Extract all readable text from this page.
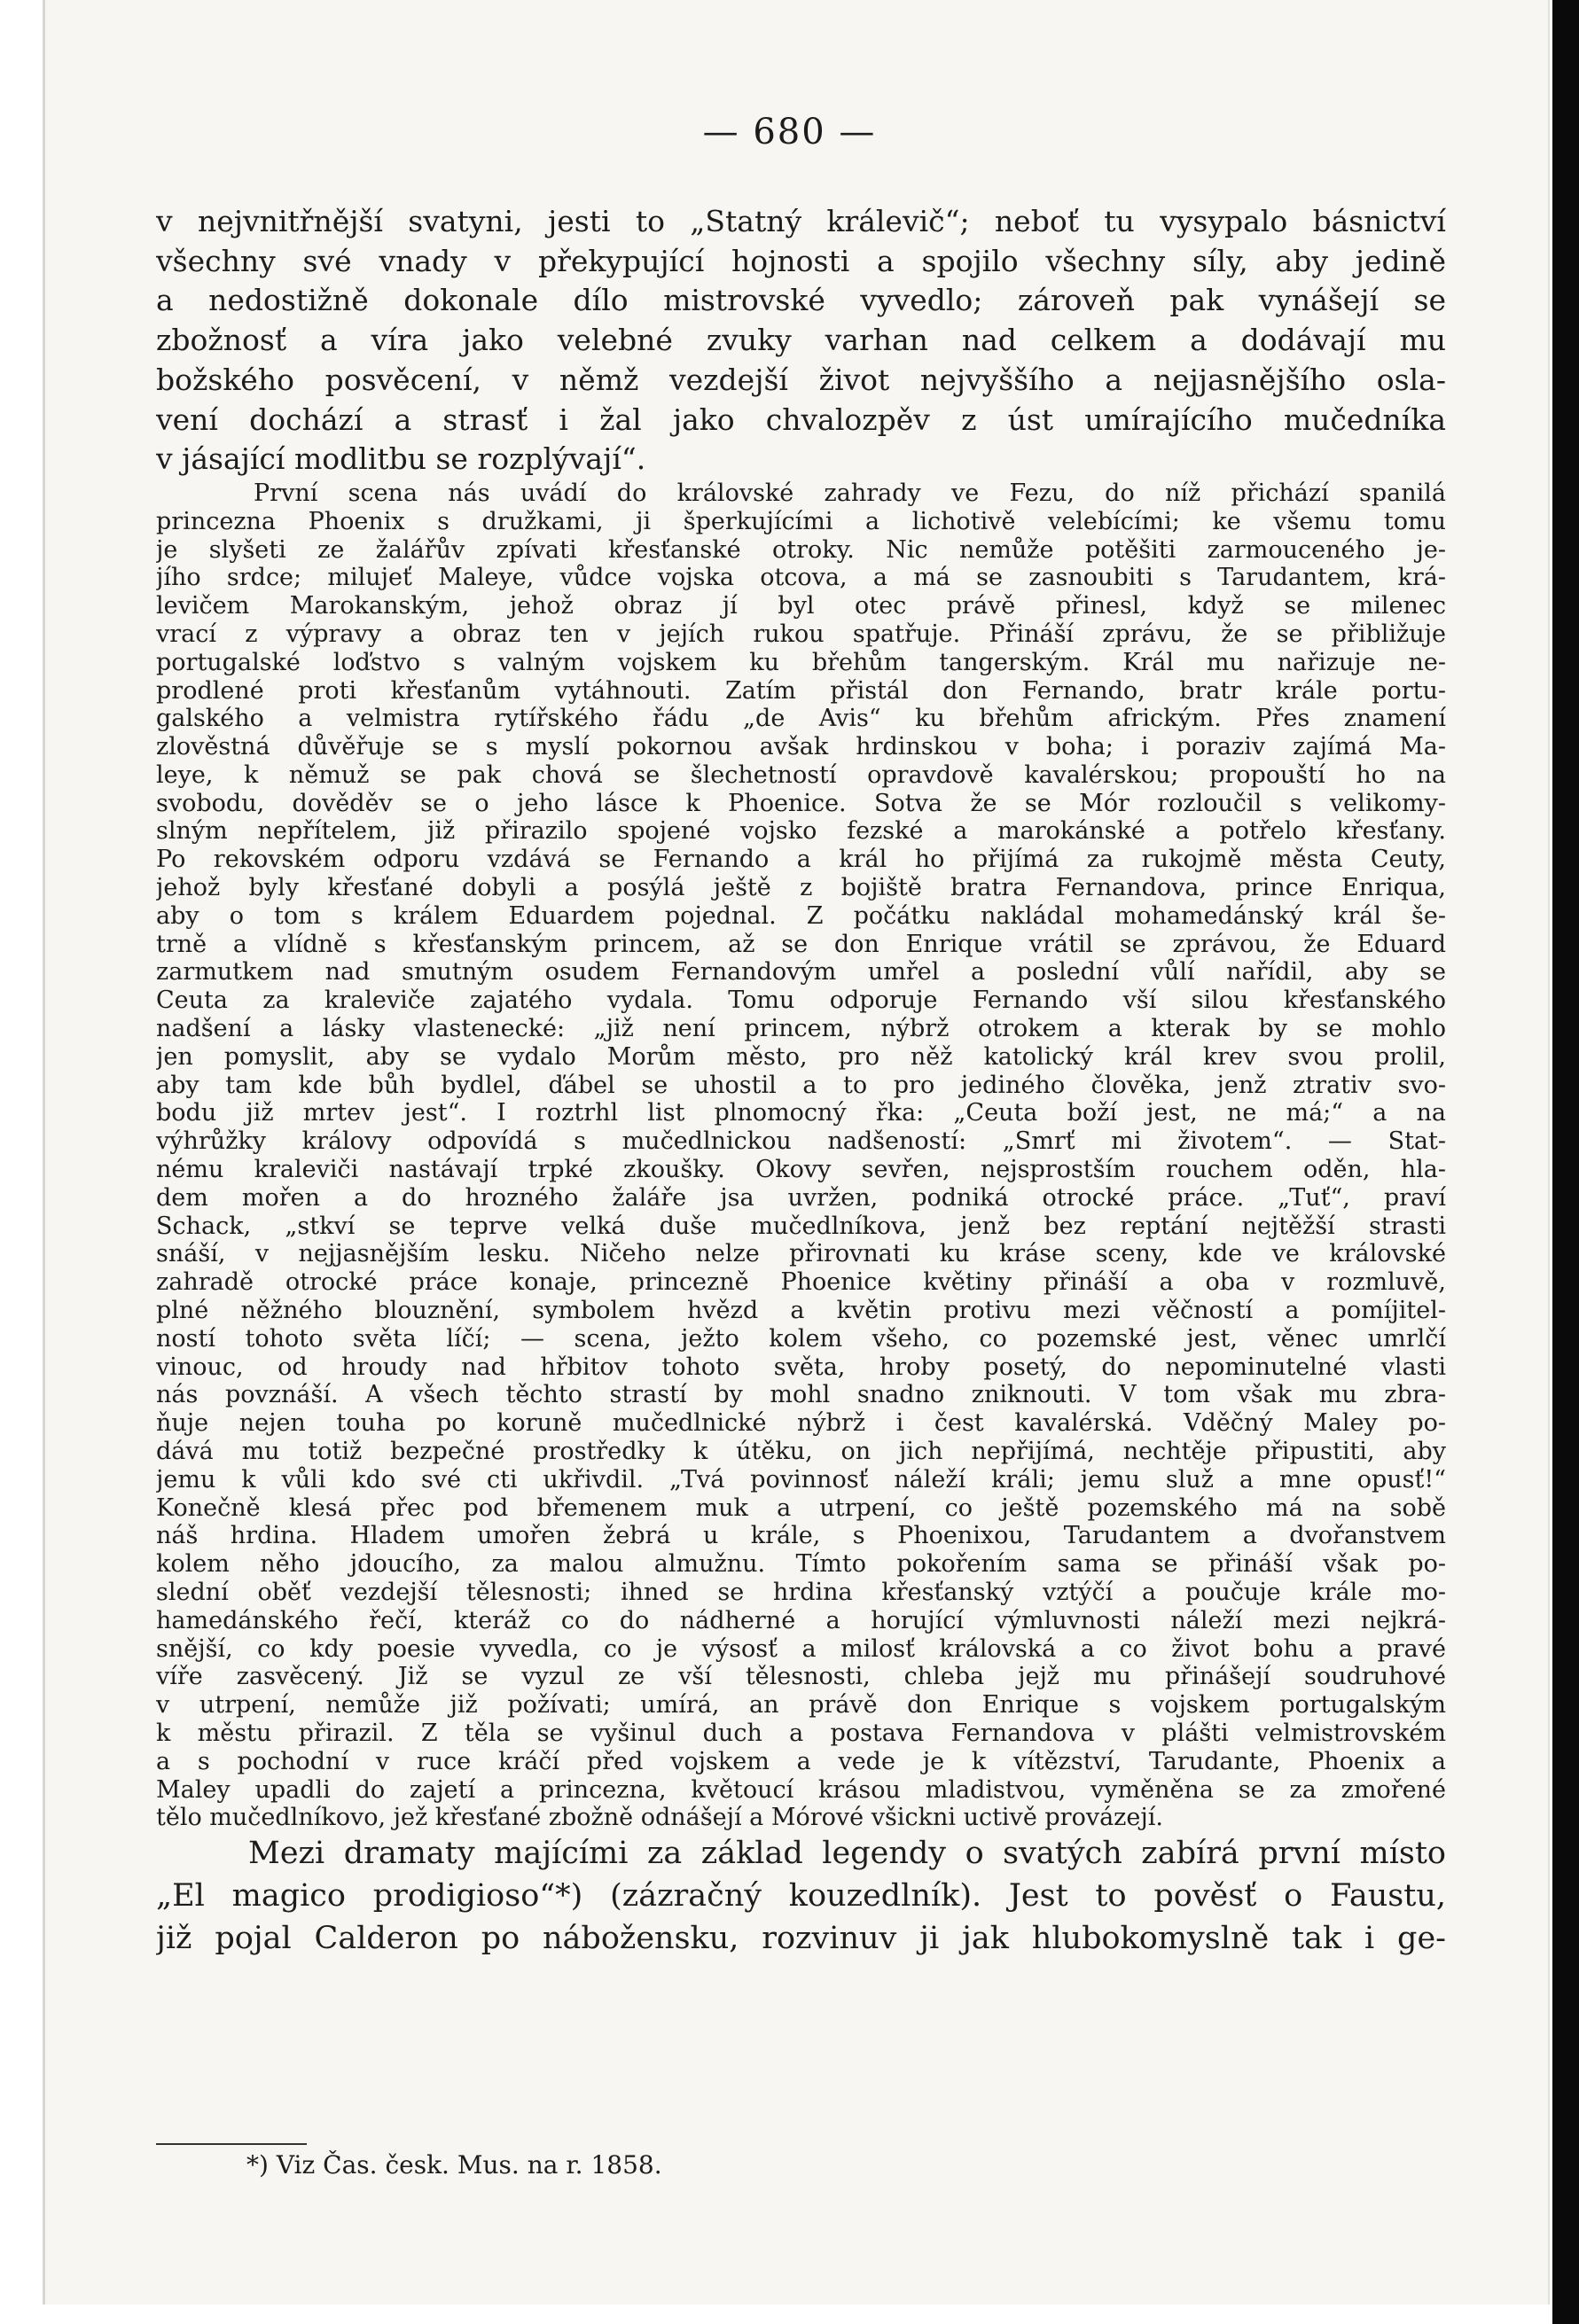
— 680 —
v nejvnitřnější svatyni, jesti to „Statný králevič“; neboť tu vysypalo básnictví
všechny své vnady v překypující hojnosti a spojilo všechny síly, aby jedině
a nedostižně dokonale dílo mistrovské vyvedlo; zároveň pak vynášejí se
zbožnosť a víra jako velebné zvuky varhan nad celkem a dodávají mu
božského posvěcení, v němž vezdejší život nejvyššího a nejjasnějšího osla-
vení dochází a strasť i žal jako chvalozpěv z úst umírajícího mučedníka
v jásající modlitbu se rozplývají“.
První scena nás uvádí do královské zahrady ve Fezu, do níž přichází spanilá
princezna Phoenix s družkami, ji šperkujícími a lichotivě velebícími; ke všemu tomu
je slyšeti ze žalářův zpívati křesťanské otroky. Nic nemůže potěšiti zarmouceného je-
jího srdce; milujeť Maleye, vůdce vojska otcova, a má se zasnoubiti s Tarudantem, krá-
levičem Marokanským, jehož obraz jí byl otec právě přinesl, když se milenec
vrací z výpravy a obraz ten v jejích rukou spatřuje. Přináší zprávu, že se přibližuje
portugalské loďstvo s valným vojskem ku břehům tangerským. Král mu nařizuje ne-
prodlené proti křesťanům vytáhnouti. Zatím přistál don Fernando, bratr krále portu-
galského a velmistra rytířského řádu „de Avis“ ku břehům africkým. Přes znamení
zlověstná důvěřuje se s myslí pokornou avšak hrdinskou v boha; i poraziv zajímá Ma-
leye, k němuž se pak chová se šlechetností opravdově kavalérskou; propouští ho na
svobodu, dověděv se o jeho lásce k Phoenice. Sotva že se Mór rozloučil s velikomy-
slným nepřítelem, již přirazilo spojené vojsko fezské a marokánské a potřelo křesťany.
Po rekovském odporu vzdává se Fernando a král ho přijímá za rukojmě města Ceuty,
jehož byly křesťané dobyli a posýlá ještě z bojiště bratra Fernandova, prince Enriqua,
aby o tom s králem Eduardem pojednal. Z počátku nakládal mohamedánský král še-
trně a vlídně s křesťanským princem, až se don Enrique vrátil se zprávou, že Eduard
zarmutkem nad smutným osudem Fernandovým umřel a poslední vůlí nařídil, aby se
Ceuta za kraleviče zajatého vydala. Tomu odporuje Fernando vší silou křesťanského
nadšení a lásky vlastenecké: „již není princem, nýbrž otrokem a kterak by se mohlo
jen pomyslit, aby se vydalo Morům město, pro něž katolický král krev svou prolil,
aby tam kde bůh bydlel, ďábel se uhostil a to pro jediného člověka, jenž ztrativ svo-
bodu již mrtev jest“. I roztrhl list plnomocný řka: „Ceuta boží jest, ne má;“ a na
výhrůžky královy odpovídá s mučedlnickou nadšeností: „Smrť mi životem“. — Stat-
nému kraleviči nastávají trpké zkoušky. Okovy sevřen, nejsprostším rouchem oděn, hla-
dem mořen a do hrozného žaláře jsa uvržen, podniká otrocké práce. „Tuť“, praví
Schack, „stkví se teprve velká duše mučedlníkova, jenž bez reptání nejtěžší strasti
snáší, v nejjasnějším lesku. Ničeho nelze přirovnati ku kráse sceny, kde ve královské
zahradě otrocké práce konaje, princezně Phoenice květiny přináší a oba v rozmluvě,
plné něžného blouznění, symbolem hvězd a květin protivu mezi věčností a pomíjitel-
ností tohoto světa líčí; — scena, ježto kolem všeho, co pozemské jest, věnec umrlčí
vinouc, od hroudy nad hřbitov tohoto světa, hroby posetý, do nepominutelné vlasti
nás povznáší. A všech těchto strastí by mohl snadno zniknouti. V tom však mu zbra-
ňuje nejen touha po koruně mučedlnické nýbrž i čest kavalérská. Vděčný Maley po-
dává mu totiž bezpečné prostředky k útěku, on jich nepřijímá, nechtěje připustiti, aby
jemu k vůli kdo své cti ukřivdil. „Tvá povinnosť náleží králi; jemu služ a mne opusť!“
Konečně klesá přec pod břemenem muk a utrpení, co ještě pozemského má na sobě
náš hrdina. Hladem umořen žebrá u krále, s Phoenixou, Tarudantem a dvořanstvem
kolem něho jdoucího, za malou almužnu. Tímto pokořením sama se přináší však po-
slední oběť vezdejší tělesnosti; ihned se hrdina křesťanský vztýčí a poučuje krále mo-
hamedánského řečí, kteráž co do nádherné a horující výmluvnosti náleží mezi nejkrá-
snější, co kdy poesie vyvedla, co je výsosť a milosť královská a co život bohu a pravé
víře zasvěcený. Již se vyzul ze vší tělesnosti, chleba jejž mu přinášejí soudruhové
v utrpení, nemůže již požívati; umírá, an právě don Enrique s vojskem portugalským
k městu přirazil. Z těla se vyšinul duch a postava Fernandova v plášti velmistrovském
a s pochodní v ruce kráčí před vojskem a vede je k vítězství, Tarudante, Phoenix a
Maley upadli do zajetí a princezna, květoucí krásou mladistvou, vyměněna se za zmořené
tělo mučedlníkovo, jež křesťané zbožně odnášejí a Mórové všickni uctivě provázejí.
Mezi dramaty majícími za základ legendy o svatých zabírá první místo
„El magico prodigioso“*) (zázračný kouzedlník). Jest to pověsť o Faustu,
již pojal Calderon po nábožensku, rozvinuv ji jak hlubokomyslně tak i ge-
*) Viz Čas. česk. Mus. na r. 1858.
